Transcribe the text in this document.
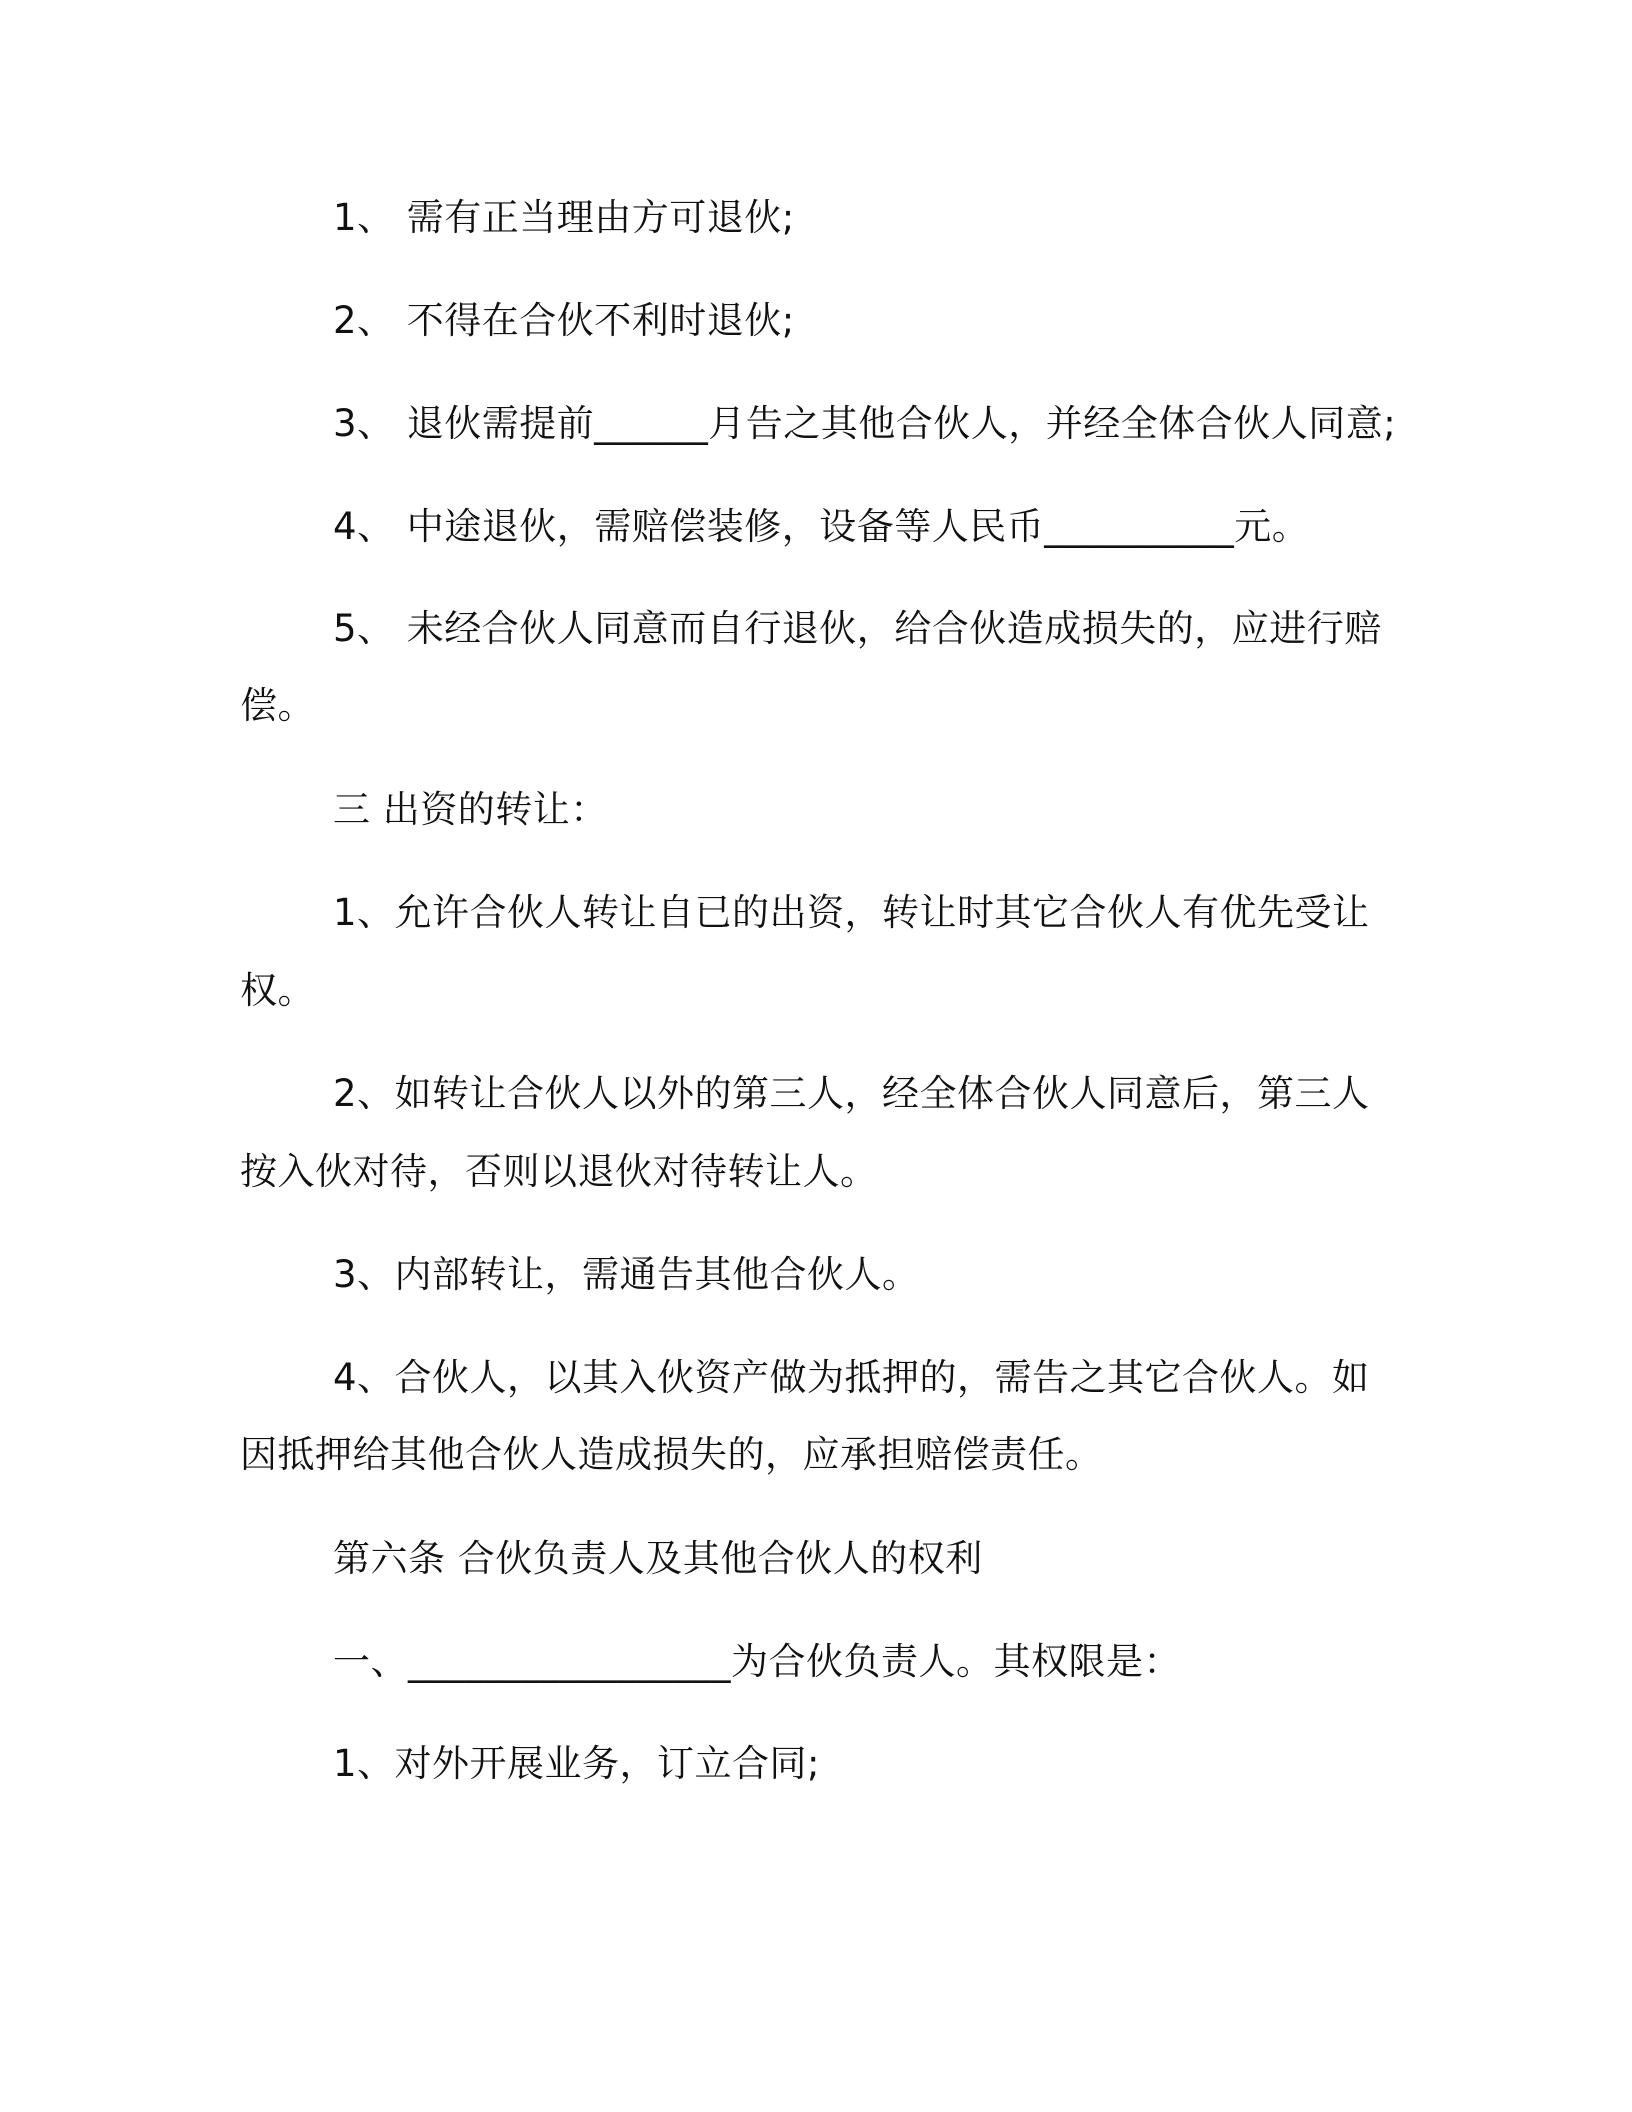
1、 需有正当理由方可退伙;
2、 不得在合伙不利时退伙;
3、 退伙需提前______月告之其他合伙人，并经全体合伙人同意;
4、 中途退伙，需赔偿装修，设备等人民币__________元。
5、 未经合伙人同意而自行退伙，给合伙造成损失的，应进行赔
偿。
三 出资的转让：
1、允许合伙人转让自已的出资，转让时其它合伙人有优先受让
权。
2、如转让合伙人以外的第三人，经全体合伙人同意后，第三人
按入伙对待，否则以退伙对待转让人。
3、内部转让，需通告其他合伙人。
4、合伙人，以其入伙资产做为抵押的，需告之其它合伙人。如
因抵押给其他合伙人造成损失的，应承担赔偿责任。
第六条 合伙负责人及其他合伙人的权利
一、_________________为合伙负责人。其权限是：
1、对外开展业务，订立合同;
